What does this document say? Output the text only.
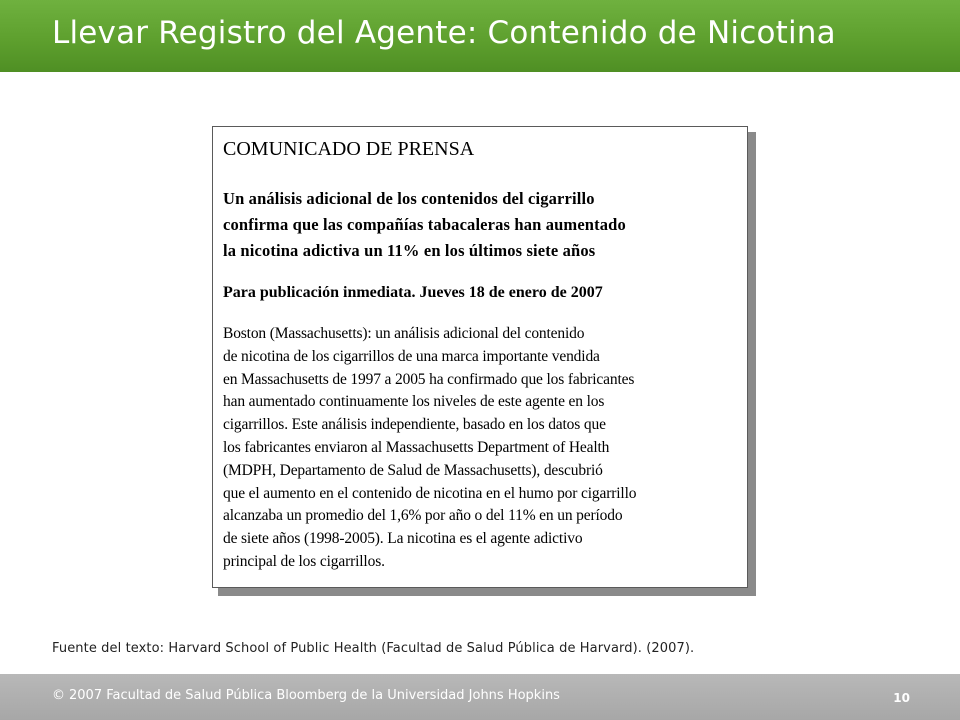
Llevar Registro del Agente: Contenido de Nicotina
COMUNICADO DE PRENSA
Un análisis adicional de los contenidos del cigarrillo
confirma que las compañías tabacaleras han aumentado
la nicotina adictiva un 11% en los últimos siete años
Para publicación inmediata. Jueves 18 de enero de 2007
Boston (Massachusetts): un análisis adicional del contenido
de nicotina de los cigarrillos de una marca importante vendida
en Massachusetts de 1997 a 2005 ha confirmado que los fabricantes
han aumentado continuamente los niveles de este agente en los
cigarrillos. Este análisis independiente, basado en los datos que
los fabricantes enviaron al Massachusetts Department of Health
(MDPH, Departamento de Salud de Massachusetts), descubrió
que el aumento en el contenido de nicotina en el humo por cigarrillo
alcanzaba un promedio del 1,6% por año o del 11% en un período
de siete años (1998-2005). La nicotina es el agente adictivo
principal de los cigarrillos.
Fuente del texto: Harvard School of Public Health (Facultad de Salud Pública de Harvard). (2007).
© 2007 Facultad de Salud Pública Bloomberg de la Universidad Johns Hopkins	10
